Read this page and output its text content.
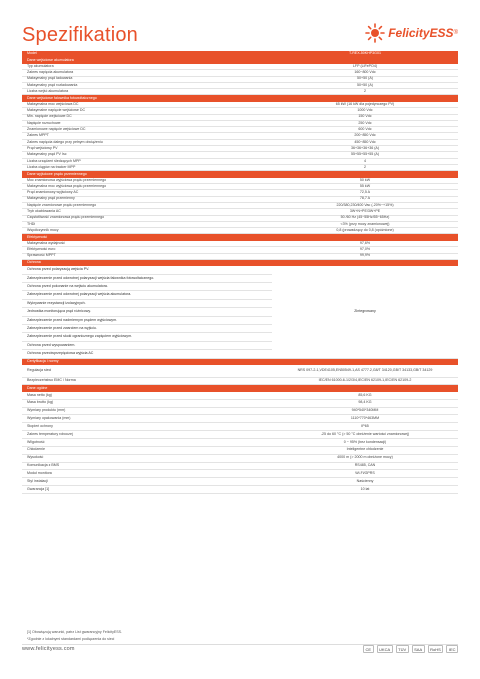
Spezifikation	FelicityESS ®
Model	T-REX-50KHP3G01
Dane wejściowe akumulatora
Typ akumulatora	LFP (LiFePO4)
Zakres napięcia akumulatora	160~800 Vdc
Maksymalny prąd ładowania	50+50 (A)
Maksymalny prąd rozładowania	50+50 (A)
Liczba wejść akumulatora	2
Dane wejściowe falownika fotowoltaicznego
Maksymalna moc wejściowa DC	65 kW (16 kW dla pojedynczego PV)
Maksymalne napięcie wejściowe DC	1000 Vdc
Min. napięcie wejściowe DC	150 Vdc
Napięcie rozruchowe	250 Vdc
Znamionowe napięcie wejściowe DC	600 Vdc
Zakres MPPT	200~850 Vdc
Zakres napięcia dalego przy pełnym obciążeniu	450~850 Vdc
Prąd wejściowy PV	36+36+36+36 (A)
Maksymalny prąd PV Isc	55+55+55+55 (A)
Liczba urządzeń śledzących MPP	4
Liczba ciągów na tracker MPP	2
Dane wyjściowe prądu przemiennego
Moc znamionowa wyjściowa prądu przemiennego	50 kW
Maksymalna moc wyjściowa prądu przemiennego	55 kW
Prąd znamionowy wyjściowy AC	72,5 A
Maksymalny prąd przemienny	78,7 A
Napięcie znamionowe prądu przemiennego	220/380,230/400 Vac (-20%~+15%)
Tryb okablowania AC	3W+N+PE/3W+PE
Częstotliwość znamionowa prądu przemiennego	50 /60 Hz (45~55Hz/55~65Hz)
THDi	<3% (przy mocy znamionowej)
Współczynnik mocy	0,8 (prowadzący do 0,8 (opóźnione)
Efektywność
Maksymalna wydajność	97,6%
Efektywność euro	97,0%
Sprawność MPPT	99,9%
Ochrona
Ochrona przed polaryzacją wejścia PV.
Zabezpieczenie przed odwrotnej polaryzacji wejścia falownika fotowoltaicznego.
Ochrona przed pokonanie na wejściu akumulatora.
Zabezpieczenie przed odwrotnej polaryzacji wejścia akumulatora.
Wykrywanie rezystancji izolacyjnych.
Jednostka monitorująca prąd różnicowy.
Zabezpieczenie przed nadmiernym prądem wyjściowym.
Zabezpieczenie przed zwarciem na wyjściu.
Zabezpieczenie przed skoki ogranicznego zapięciem wyjściowym.
Ochrona przed wyspowaniem.
Ochrona przeciwprzepięciowa wyjścia AC
Zintegrowany
Certyfikacja i normy
Regulacja sieci	NRS 097-2-1,VDE4105,EN50549-1,AS 4777.2,G8/T 34120,GB/T 34133,GB/T 34129
Bezpieczeństwo EMC / Norma	IEC/EN 61000-6-1/2/3/4,IEC/EN 62109-1,IEC/EN 62109-2
Dane ogólne
Masa netto (kg)	85,6 KG
Masa brutto (kg)	98,4 KG
Wymiary produktu (mm)	940*540*340MM
Wymiary opakowania (mm)	1110*770*463MM
Stopień ochrony	IP65
Zakres temperatury roboczej	-25 do 60 °C (> 50 °C obniżenie wartości znamionowej)
Wilgotność	0 ~ 95% (bez kondensacji)
Chłodzenie	Inteligentne chłodzenie
Wysokość	4000 m (> 2000 m obniżone mocy)
Komunikacja z BMS	RS485, CAN
Moduł monitora	Wi-Fi/GPRS
Styl instalacji	Naścienny
Gwarancja [1]	10 lat
[1] Obowiązują warunki, patrz List gwarancyjny FelicityESS.
*Zgodnie z lokalnymi standardami podłączenia do sieci
www.felicityess.com	CE	UKCA	TÜV	SAA	RoHS	IEC
